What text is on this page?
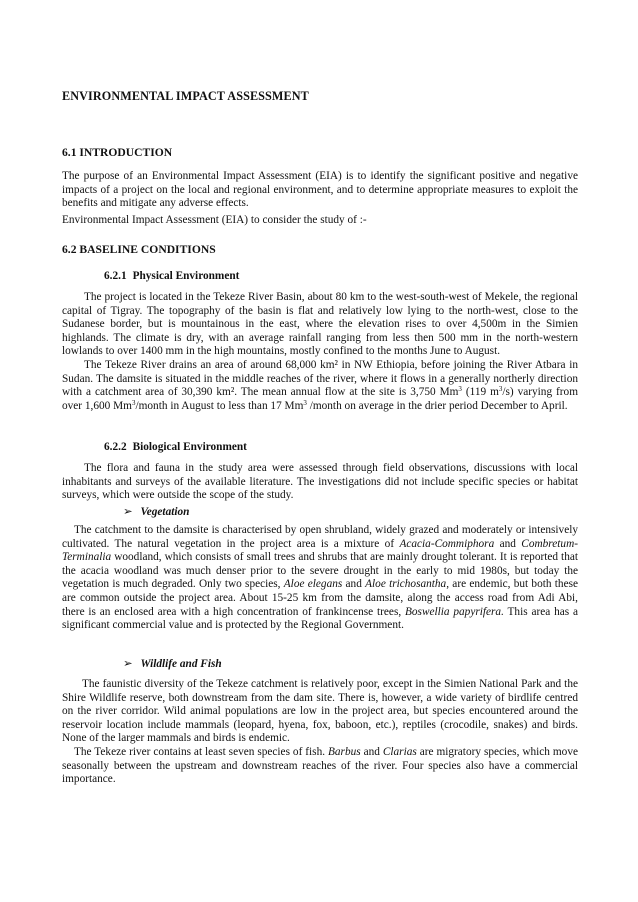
ENVIRONMENTAL IMPACT ASSESSMENT
6.1 INTRODUCTION

The purpose of an Environmental Impact Assessment (EIA) is to identify the significant positive and negative impacts of a project on the local and regional environment, and to determine appropriate measures to exploit the benefits and mitigate any adverse effects.

Environmental Impact Assessment (EIA) to consider the study of :-

6.2 BASELINE CONDITIONS
6.2.1 Physical Environment

The project is located in the Tekeze River Basin, about 80 km to the west-south-west of Mekele, the regional capital of Tigray. The topography of the basin is flat and relatively low lying to the north-west, close to the Sudanese border, but is mountainous in the east, where the elevation rises to over 4,500m in the Simien highlands. The climate is dry, with an average rainfall ranging from less then 500 mm in the north-western lowlands to over 1400 mm in the high mountains, mostly confined to the months June to August.

The Tekeze River drains an area of around 68,000 km² in NW Ethiopia, before joining the River Atbara in Sudan. The damsite is situated in the middle reaches of the river, where it flows in a generally northerly direction with a catchment area of 30,390 km². The mean annual flow at the site is 3,750 Mm$^3$ (119 $m^3/s$) varying from over 1,600 Mm$^3$/month in August to less than 17 Mm$^3$ /month on average in the drier period December to April.

6.2.2 Biological Environment

The flora and fauna in the study area were assessed through field observations, discussions with local inhabitants and surveys of the available literature. The investigations did not include specific species or habitat surveys, which were outside the scope of the study.

➢ Vegetation

The catchment to the damsite is characterised by open shrubland, widely grazed and moderately or intensively cultivated. The natural vegetation in the project area is a mixture of Acacia-Commiphora and Combretum-Terminalia woodland, which consists of small trees and shrubs that are mainly drought tolerant. It is reported that the acacia woodland was much denser prior to the severe drought in the early to mid 1980s, but today the vegetation is much degraded. Only two species, Aloe elegans and Aloe trichosantha, are endemic, but both these are common outside the project area. About 15-25 km from the damsite, along the access road from Adi Abi, there is an enclosed area with a high concentration of frankincense trees, Boswellia papyrifera. This area has a significant commercial value and is protected by the Regional Government.

➢ Wildlife and Fish

The faunistic diversity of the Tekeze catchment is relatively poor, except in the Simien National Park and the Shire Wildlife reserve, both downstream from the dam site. There is, however, a wide variety of birdlife centred on the river corridor. Wild animal populations are low in the project area, but species encountered around the reservoir location include mammals (leopard, hyena, fox, baboon, etc.), reptiles (crocodile, snakes) and birds. None of the larger mammals and birds is endemic.

The Tekeze river contains at least seven species of fish. Barbus and Clarias are migratory species, which move seasonally between the upstream and downstream reaches of the river. Four species also have a commercial importance.
